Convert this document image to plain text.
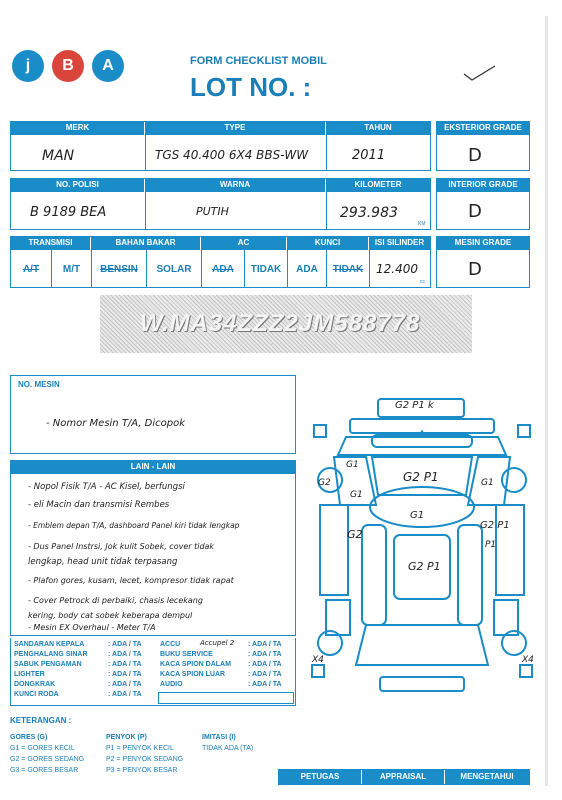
j	B	A	FORM CHECKLIST MOBIL
LOT NO. :
MERK	TYPE	TAHUN
MAN	TGS 40.400 6X4 BBS-WW	2011
EKSTERIOR GRADE
D
NO. POLISI	WARNA	KILOMETER
B 9189 BEA	PUTIH	293.983
KM
INTERIOR GRADE
D
TRANSMISI	BAHAN BAKAR	AC	KUNCI	ISI SILINDER
A/T	M/T	BENSIN	SOLAR	ADA	TIDAK	ADA	TIDAK	12.400
cc
MESIN GRADE
D
W.MA34ZZZ2JM588778
NO. MESIN
- Nomor Mesin T/A, Dicopok
LAIN - LAIN
- Nopol Fisik T/A - AC Kisel, berfungsi
- eli Macin dan transmisi Rembes
- Emblem depan T/A, dashboard Panel kiri tidak lengkap
- Dus Panel Instrsi, Jok kulit Sobek, cover tidak
lengkap, head unit tidak terpasang
- Plafon gores, kusam, lecet, kompresor tidak rapat
- Cover Petrock di perbaiki, chasis lecekang
kering, body cat sobek keberapa dempul
- Mesin EX Overhaul - Meter T/A
SANDARAN KEPALA	: ADA / TA
PENGHALANG SINAR	: ADA / TA
SABUK PENGAMAN	: ADA / TA
LIGHTER	: ADA / TA
DONGKRAK	: ADA / TA
KUNCI RODA	: ADA / TA
ACCU	: ADA / TA
Accupel 2
BUKU SERVICE	: ADA / TA
KACA SPION DALAM : ADA / TA
KACA SPION LUAR	: ADA / TA
AUDIO	: ADA / TA
G2 P1 k
G2 P1
G1
G2
G2 P1
G2 P1
G1
G2
G1
G1
P1
X4	X4
KETERANGAN :
GORES (G)
G1 = GORES KECIL
G2 = GORES SEDANG
G3 = GORES BESAR
PENYOK (P)
P1 = PENYOK KECIL
P2 = PENYOK SEDANG
P3 = PENYOK BESAR
IMITASI (I)
TIDAK ADA (TA)
PETUGAS	APPRAISAL	MENGETAHUI
